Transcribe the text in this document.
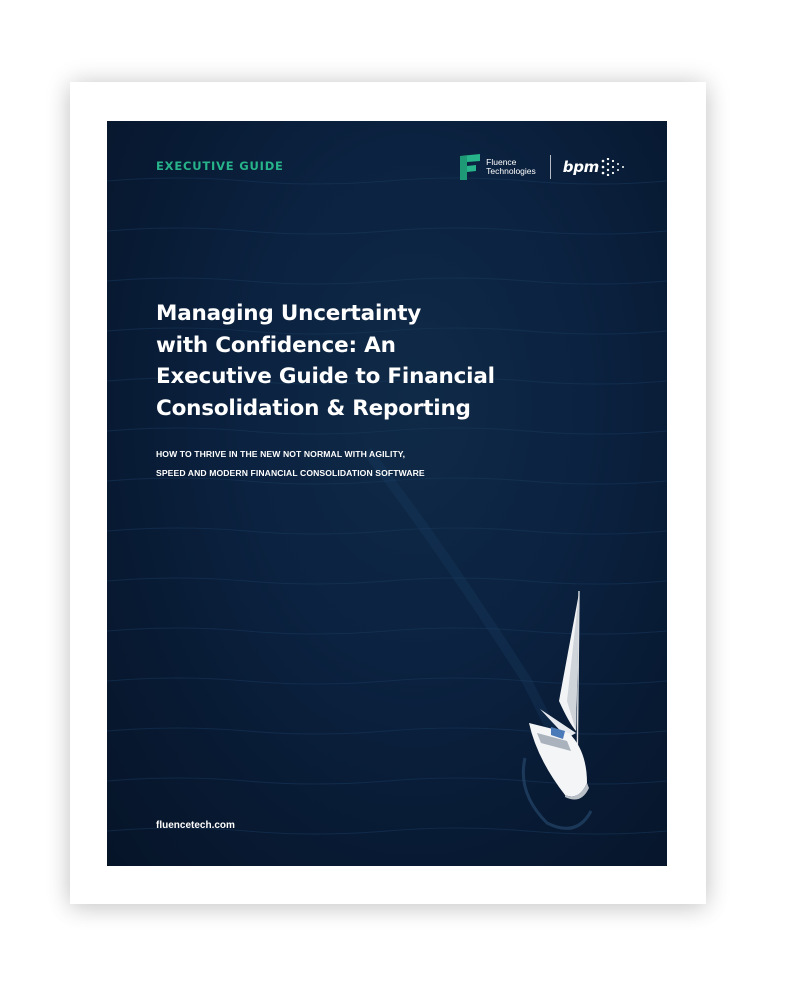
EXECUTIVE GUIDE	Fluence
Technologies bpm
Managing Uncertainty
with Confidence: An
Executive Guide to Financial
Consolidation & Reporting
HOW TO THRIVE IN THE NEW NOT NORMAL WITH AGILITY,
SPEED AND MODERN FINANCIAL CONSOLIDATION SOFTWARE
fluencetech.com
